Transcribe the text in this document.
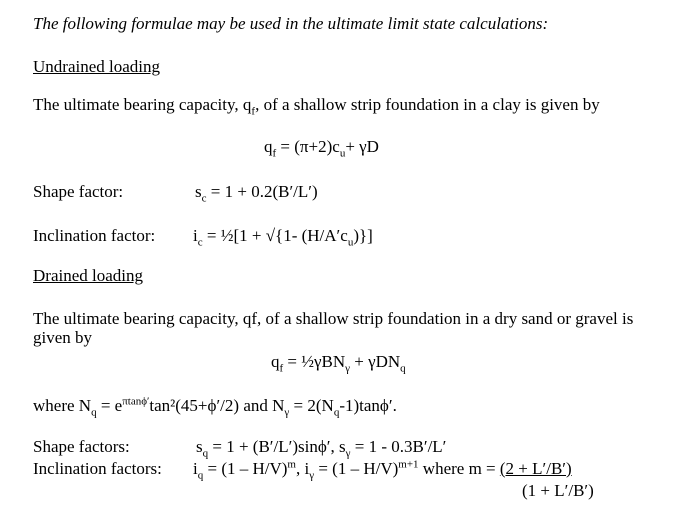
The following formulae may be used in the ultimate limit state calculations:
Undrained loading
The ultimate bearing capacity, $q_f$, of a shallow strip foundation in a clay is given by
$q_f = (\pi+2)c_u+ \gamma D$
Shape factor:	$s_c = 1 + 0.2(B'/L')$
Inclination factor: $i_c$ = ½[1 + √{1- $(H/A'c_u)$}]
Drained loading
The ultimate bearing capacity, qf, of a shallow strip foundation in a dry sand or gravel is given by
$q_f$ = ½γBN$_\gamma$ + γDN$_q$
where $N_q = e^{\pi tan\phi'}\tan^2(45+\phi'/2)$ and $N_\gamma = 2(N_q-1)\tan\phi'$.
Shape factors:	$s_q = 1 + (B'/L')\sin\phi'$, $s_\gamma = 1 - 0.3B'/L'$
Inclination factors: $i_q = (1 - H/V)^m$, $i_\gamma = (1 - H/V)^{m+1}$ where m = (2 + L′/B′)
(1 + L′/B′)
